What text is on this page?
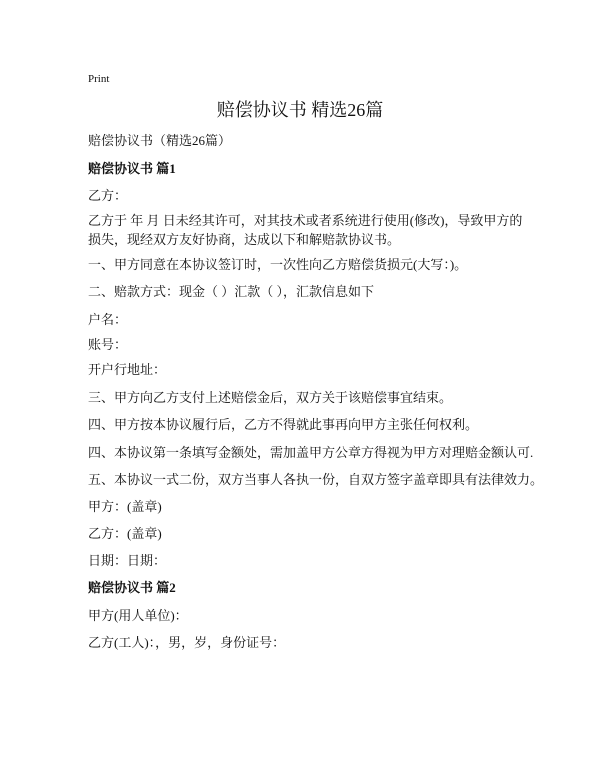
Print
赔偿协议书 精选26篇
赔偿协议书（精选26篇）
赔偿协议书 篇1
乙方：
乙方于 年 月 日未经其许可，对其技术或者系统进行使用(修改)，导致甲方的损失，现经双方友好协商，达成以下和解赔款协议书。
一、甲方同意在本协议签订时，一次性向乙方赔偿货损元(大写：)。
二、赔款方式：现金（ ）汇款（ ），汇款信息如下
户名：
账号：
开户行地址：
三、甲方向乙方支付上述赔偿金后，双方关于该赔偿事宜结束。
四、甲方按本协议履行后，乙方不得就此事再向甲方主张任何权利。
四、本协议第一条填写金额处，需加盖甲方公章方得视为甲方对理赔金额认可.
五、本协议一式二份，双方当事人各执一份，自双方签字盖章即具有法律效力。
甲方：(盖章)
乙方：(盖章)
日期：日期：
赔偿协议书 篇2
甲方(用人单位)：
乙方(工人)：，男，岁，身份证号：
